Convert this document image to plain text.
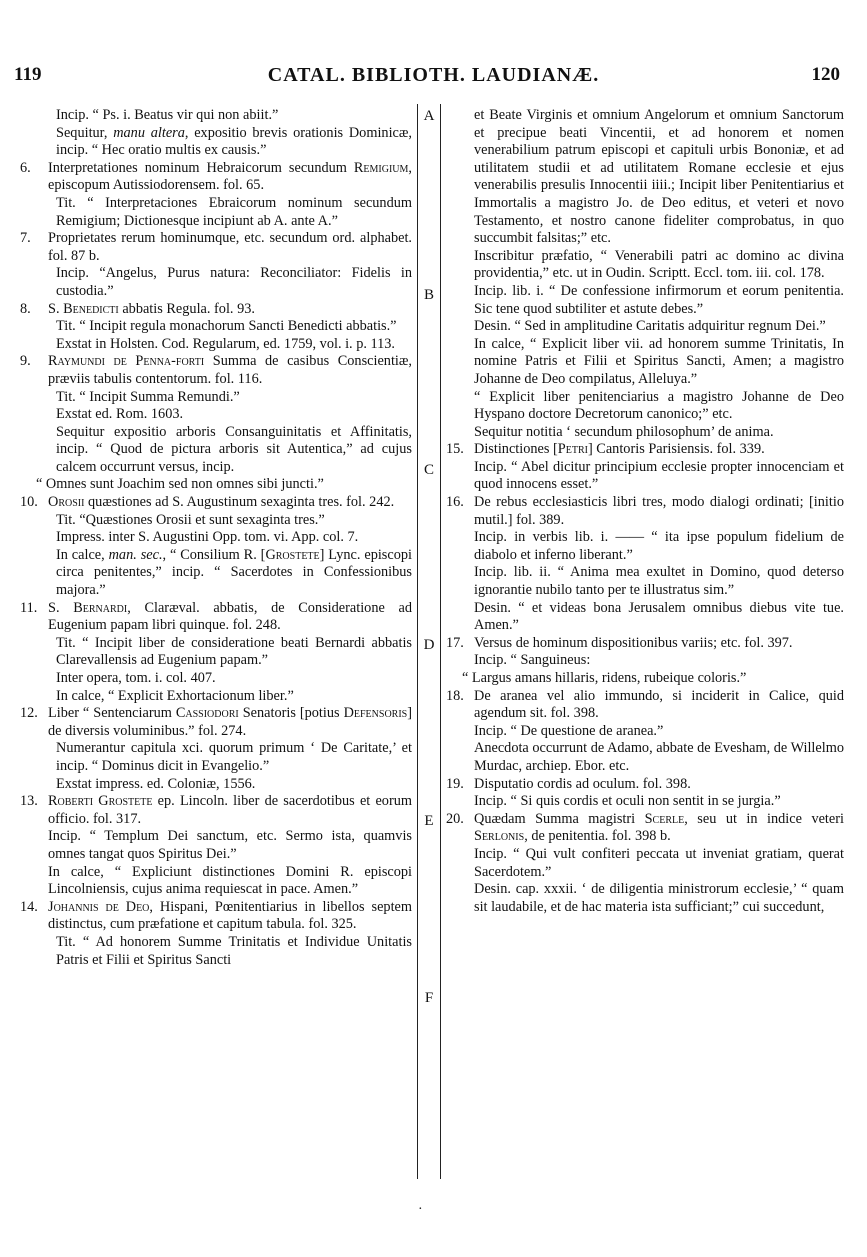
119	CATAL. BIBLIOTH. LAUDIANÆ.	120
A
B
C
D
E
F

Incip. “ Ps. i. Beatus vir qui non abiit.”

Sequitur, manu altera, expositio brevis orationis Dominicæ, incip. “ Hec oratio multis ex causis.”

6. Interpretationes nominum Hebraicorum secundum Remigium, episcopum Autissiodorensem. fol. 65.

Tit. “ Interpretaciones Ebraicorum nominum secundum Remigium; Dictionesque incipiunt ab A. ante A.”

7. Proprietates rerum hominumque, etc. secundum ord. alphabet. fol. 87 b.

Incip. “Angelus, Purus natura: Reconciliator: Fidelis in custodia.”

8. S. Benedicti abbatis Regula. fol. 93.

Tit. “ Incipit regula monachorum Sancti Benedicti abbatis.”

Exstat in Holsten. Cod. Regularum, ed. 1759, vol. i. p. 113.

9. Raymundi de Penna-forti Summa de casibus Conscientiæ, præviis tabulis contentorum. fol. 116.

Tit. “ Incipit Summa Remundi.”

Exstat ed. Rom. 1603.

Sequitur expositio arboris Consanguinitatis et Affinitatis, incip. “ Quod de pictura arboris sit Autentica,” ad cujus calcem occurrunt versus, incip.

“ Omnes sunt Joachim sed non omnes sibi juncti.”

10. Orosii quæstiones ad S. Augustinum sexaginta tres. fol. 242.

Tit. “Quæstiones Orosii et sunt sexaginta tres.”

Impress. inter S. Augustini Opp. tom. vi. App. col. 7.

In calce, man. sec., “ Consilium R. [Grostete] Lync. episcopi circa penitentes,” incip. “ Sacerdotes in Confessionibus majora.”

11. S. Bernardi, Claræval. abbatis, de Consideratione ad Eugenium papam libri quinque. fol. 248.

Tit. “ Incipit liber de consideratione beati Bernardi abbatis Clarevallensis ad Eugenium papam.”

Inter opera, tom. i. col. 407.

In calce, “ Explicit Exhortacionum liber.”

12. Liber “ Sentenciarum Cassiodori Senatoris [potius Defensoris] de diversis voluminibus.” fol. 274.

Numerantur capitula xci. quorum primum ‘ De Caritate,’ et incip. “ Dominus dicit in Evangelio.”

Exstat impress. ed. Coloniæ, 1556.

13. Roberti Grostete ep. Lincoln. liber de sacerdotibus et eorum officio. fol. 317.

Incip. “ Templum Dei sanctum, etc. Sermo ista, quamvis omnes tangat quos Spiritus Dei.”

In calce, “ Expliciunt distinctiones Domini R. episcopi Lincolniensis, cujus anima requiescat in pace. Amen.”

14. Johannis de Deo, Hispani, Pœnitentiarius in libellos septem distinctus, cum præfatione et capitum tabula. fol. 325.

Tit. “ Ad honorem Summe Trinitatis et Individue Unitatis Patris et Filii et Spiritus Sancti

et Beate Virginis et omnium Angelorum et omnium Sanctorum et precipue beati Vincentii, et ad honorem et nomen venerabilium patrum episcopi et capituli urbis Bononiæ, et ad utilitatem studii et ad utilitatem Romane ecclesie et ejus venerabilis presulis Innocentii iiii.; Incipit liber Penitentiarius et Immortalis a magistro Jo. de Deo editus, et veteri et novo Testamento, et nostro canone fideliter comprobatus, in quo succumbit falsitas;” etc.

Inscribitur præfatio, “ Venerabili patri ac domino ac divina providentia,” etc. ut in Oudin. Scriptt. Eccl. tom. iii. col. 178.

Incip. lib. i. “ De confessione infirmorum et eorum penitentia. Sic tene quod subtiliter et astute debes.”

Desin. “ Sed in amplitudine Caritatis adquiritur regnum Dei.”

In calce, “ Explicit liber vii. ad honorem summe Trinitatis, In nomine Patris et Filii et Spiritus Sancti, Amen; a magistro Johanne de Deo compilatus, Alleluya.”

“ Explicit liber penitenciarius a magistro Johanne de Deo Hyspano doctore Decretorum canonico;” etc.

Sequitur notitia ‘ secundum philosophum’ de anima.

15. Distinctiones [Petri] Cantoris Parisiensis. fol. 339.

Incip. “ Abel dicitur principium ecclesie propter innocenciam et quod innocens esset.”

16. De rebus ecclesiasticis libri tres, modo dialogi ordinati; [initio mutil.] fol. 389.

Incip. in verbis lib. i. —— “ ita ipse populum fidelium de diabolo et inferno liberant.”

Incip. lib. ii. “ Anima mea exultet in Domino, quod deterso ignorantie nubilo tanto per te illustratus sim.”

Desin. “ et videas bona Jerusalem omnibus diebus vite tue. Amen.”

17. Versus de hominum dispositionibus variis; etc. fol. 397.

Incip. “ Sanguineus:

“ Largus amans hillaris, ridens, rubeique coloris.”

18. De aranea vel alio immundo, si inciderit in Calice, quid agendum sit. fol. 398.

Incip. “ De questione de aranea.”

Anecdota occurrunt de Adamo, abbate de Evesham, de Willelmo Murdac, archiep. Ebor. etc.

19. Disputatio cordis ad oculum. fol. 398.

Incip. “ Si quis cordis et oculi non sentit in se jurgia.”

20. Quædam Summa magistri Scerle, seu ut in indice veteri Serlonis, de penitentia. fol. 398 b.

Incip. “ Qui vult confiteri peccata ut inveniat gratiam, querat Sacerdotem.”

Desin. cap. xxxii. ‘ de diligentia ministrorum ecclesie,’ “ quam sit laudabile, et de hac materia ista sufficiant;” cui succedunt,

·
